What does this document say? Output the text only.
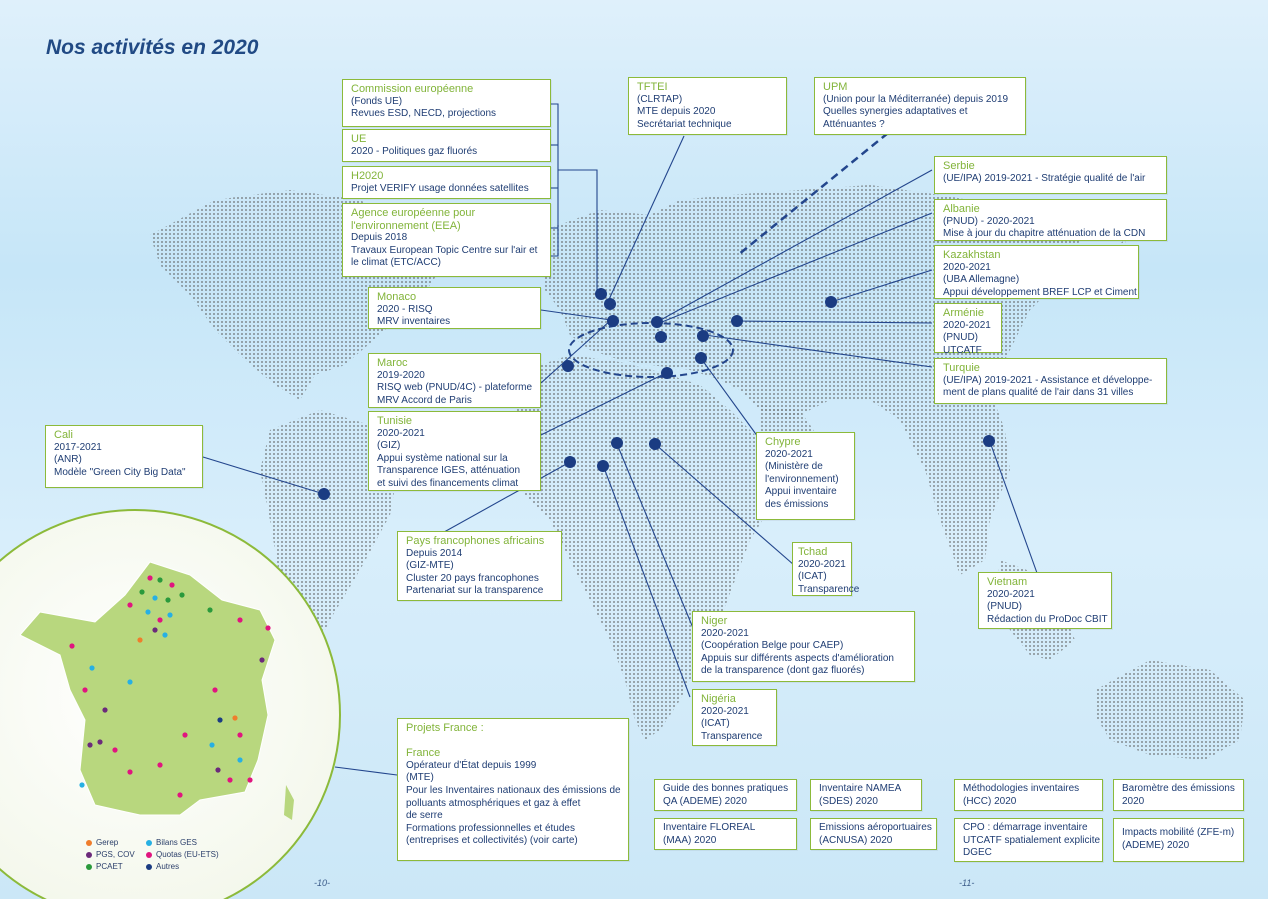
Nos activités en 2020
Commission européenne
(Fonds UE)
Revues ESD, NECD, projections
UE
2020 - Politiques gaz fluorés
H2020
Projet VERIFY usage données satellites
Agence européenne pour
l'environnement (EEA)
Depuis 2018
Travaux European Topic Centre sur l'air et
le climat (ETC/ACC)
Monaco
2020 - RISQ
MRV inventaires
Maroc
2019-2020
RISQ web (PNUD/4C) - plateforme
MRV Accord de Paris
Tunisie
2020-2021
(GIZ)
Appui système national sur la
Transparence IGES, atténuation
et suivi des financements climat
Cali
2017-2021
(ANR)
Modèle "Green City Big Data"
Pays francophones africains
Depuis 2014
(GIZ-MTE)
Cluster 20 pays francophones
Partenariat sur la transparence
TFTEI
(CLRTAP)
MTE depuis 2020
Secrétariat technique
UPM
(Union pour la Méditerranée) depuis 2019
Quelles synergies adaptatives et
Atténuantes ?
Serbie
(UE/IPA) 2019-2021 - Stratégie qualité de l'air
Albanie
(PNUD) - 2020-2021
Mise à jour du chapitre atténuation de la CDN
Kazakhstan
2020-2021
(UBA Allemagne)
Appui développement BREF LCP et Ciment
Arménie
2020-2021
(PNUD)
UTCATF
Turquie
(UE/IPA) 2019-2021 - Assistance et développe-
ment de plans qualité de l'air dans 31 villes
Chypre
2020-2021
(Ministère de
l'environnement)
Appui inventaire
des émissions
Tchad
2020-2021
(ICAT)
Transparence
Vietnam
2020-2021
(PNUD)
Rédaction du ProDoc CBIT
Niger
2020-2021
(Coopération Belge pour CAEP)
Appuis sur différents aspects d'amélioration
de la transparence (dont gaz fluorés)
Nigéria
2020-2021
(ICAT)
Transparence
Projets France :

France
Opérateur d'État depuis 1999
(MTE)
Pour les Inventaires nationaux des émissions de
polluants atmosphériques et gaz à effet
de serre
Formations professionnelles et études
(entreprises et collectivités) (voir carte)
Guide des bonnes pratiques
QA (ADEME) 2020
Inventaire NAMEA
(SDES) 2020
Méthodologies inventaires
(HCC) 2020
Baromètre des émissions
2020
Inventaire FLOREAL
(MAA) 2020
Emissions aéroportuaires
(ACNUSA) 2020
CPO : démarrage inventaire
UTCATF spatialement explicite
DGEC
Impacts mobilité (ZFE-m)
(ADEME) 2020
Gerep	Bilans GES
PGS, COV	Quotas (EU-ETS)
PCAET	Autres
-10-	-11-
